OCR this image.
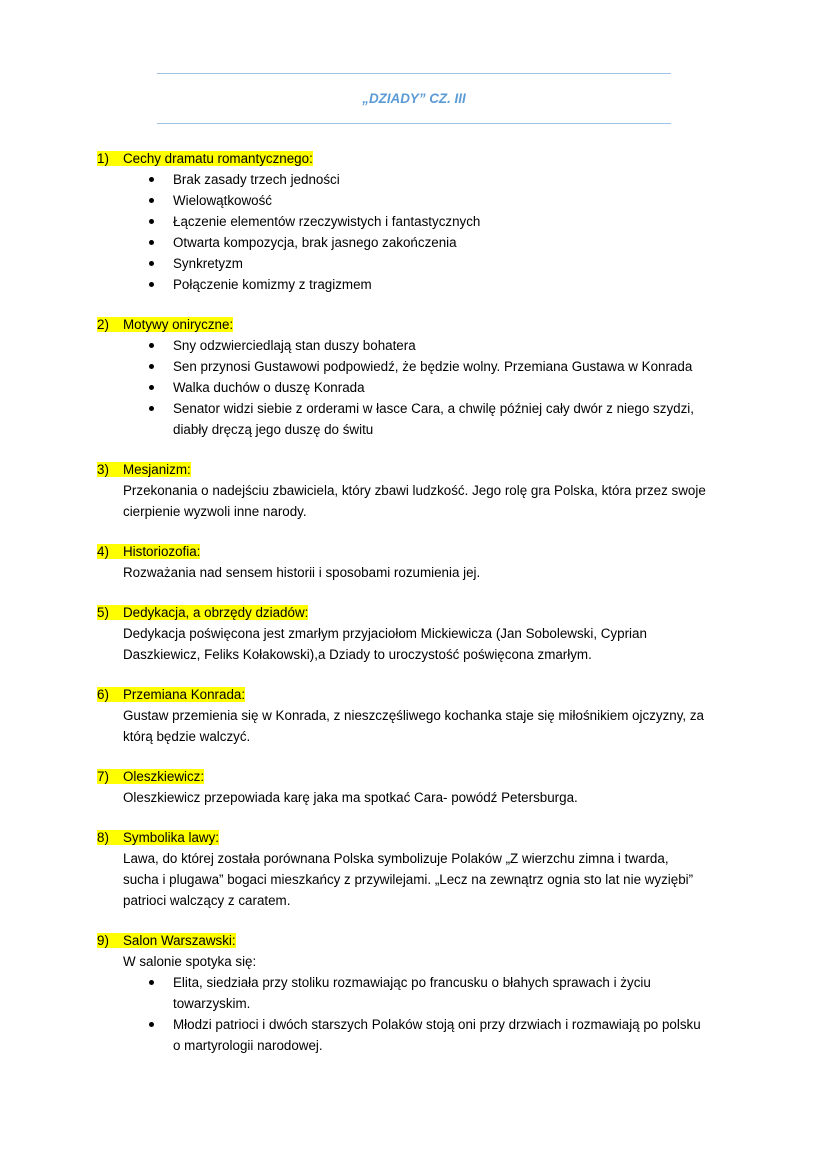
„DZIADY” CZ. III
1) Cechy dramatu romantycznego:
Brak zasady trzech jedności
Wielowątkowość
Łączenie elementów rzeczywistych i fantastycznych
Otwarta kompozycja, brak jasnego zakończenia
Synkretyzm
Połączenie komizmy z tragizmem
2) Motywy oniryczne:
Sny odzwierciedlają stan duszy bohatera
Sen przynosi Gustawowi podpowiedź, że będzie wolny. Przemiana Gustawa w Konrada
Walka duchów o duszę Konrada
Senator widzi siebie z orderami w łasce Cara, a chwilę później cały dwór z niego szydzi,
diabły dręczą jego duszę do świtu
3) Mesjanizm:
Przekonania o nadejściu zbawiciela, który zbawi ludzkość. Jego rolę gra Polska, która przez swoje
cierpienie wyzwoli inne narody.
4) Historiozofia:
Rozważania nad sensem historii i sposobami rozumienia jej.
5) Dedykacja, a obrzędy dziadów:
Dedykacja poświęcona jest zmarłym przyjaciołom Mickiewicza (Jan Sobolewski, Cyprian
Daszkiewicz, Feliks Kołakowski),a Dziady to uroczystość poświęcona zmarłym.
6) Przemiana Konrada:
Gustaw przemienia się w Konrada, z nieszczęśliwego kochanka staje się miłośnikiem ojczyzny, za
którą będzie walczyć.
7) Oleszkiewicz:
Oleszkiewicz przepowiada karę jaka ma spotkać Cara- powódź Petersburga.
8) Symbolika lawy:
Lawa, do której została porównana Polska symbolizuje Polaków „Z wierzchu zimna i twarda,
sucha i plugawa” bogaci mieszkańcy z przywilejami. „Lecz na zewnątrz ognia sto lat nie wyziębi”
patrioci walczący z caratem.
9) Salon Warszawski:
W salonie spotyka się:
Elita, siedziała przy stoliku rozmawiając po francusku o błahych sprawach i życiu
towarzyskim.
Młodzi patrioci i dwóch starszych Polaków stoją oni przy drzwiach i rozmawiają po polsku
o martyrologii narodowej.
